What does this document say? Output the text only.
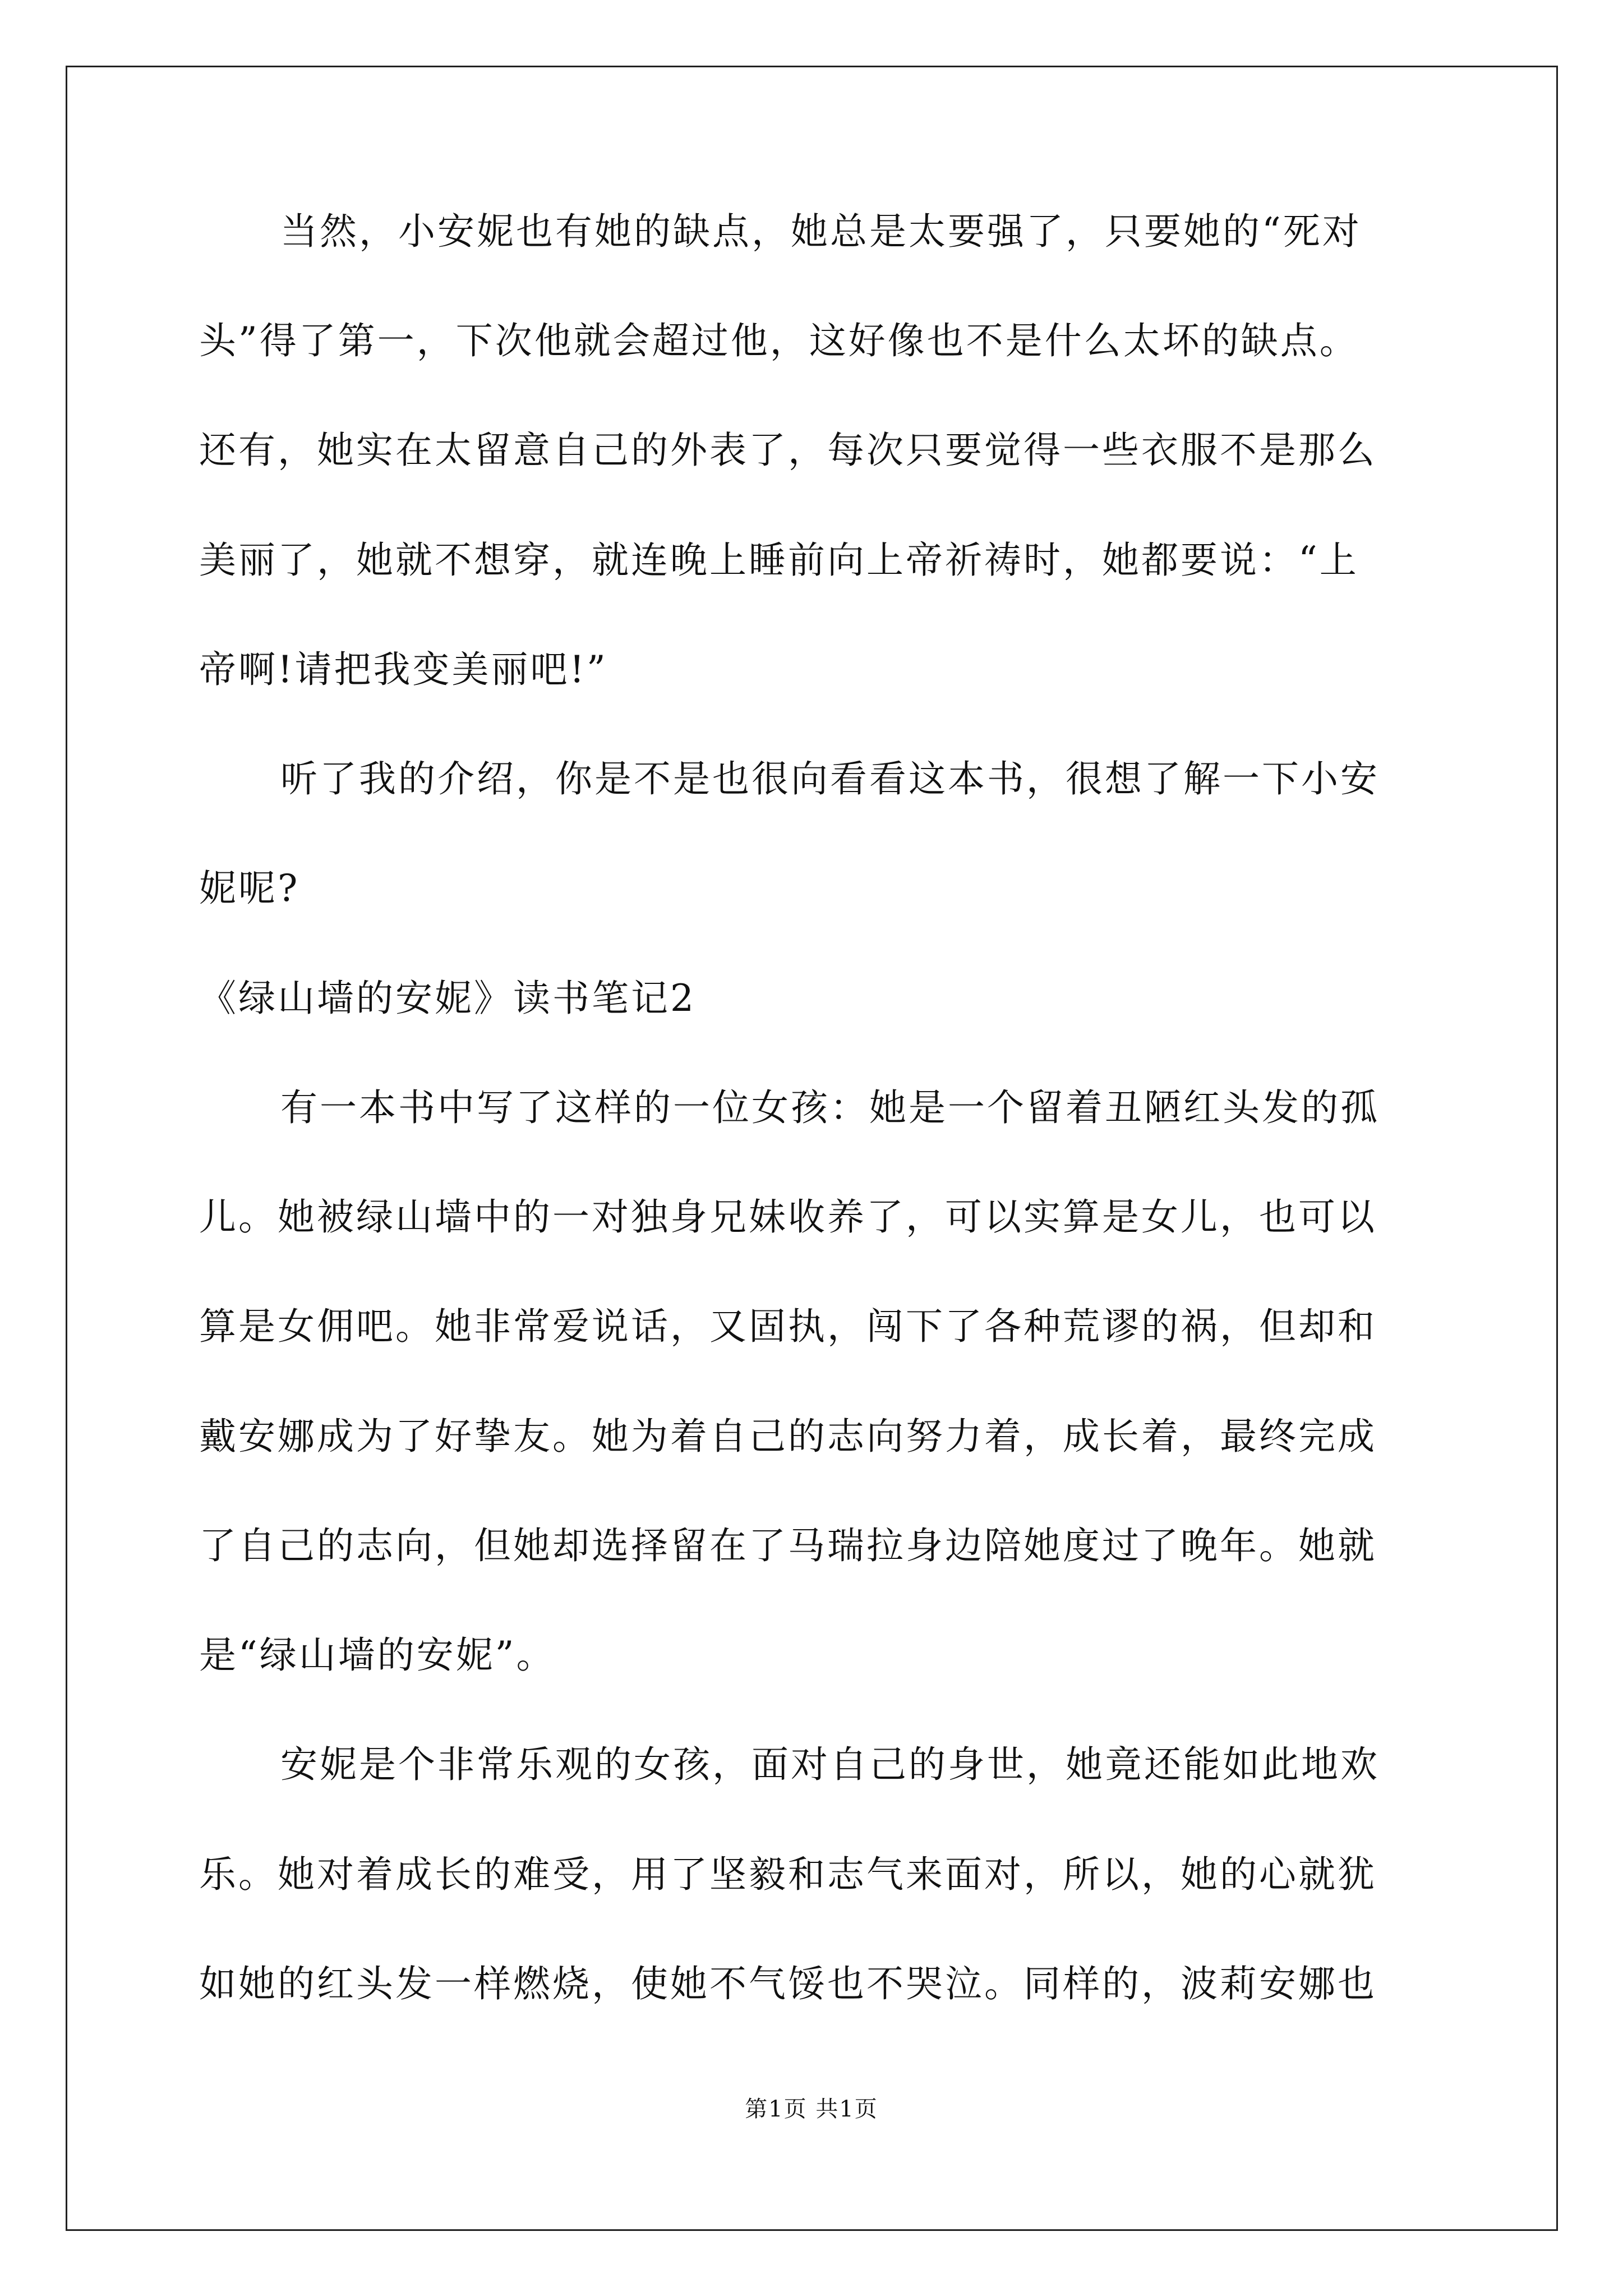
当然，小安妮也有她的缺点，她总是太要强了，只要她的“死对
头”得了第一，下次他就会超过他，这好像也不是什么太坏的缺点。
还有，她实在太留意自己的外表了，每次只要觉得一些衣服不是那么
美丽了，她就不想穿，就连晚上睡前向上帝祈祷时，她都要说：“上
帝啊!请把我变美丽吧!”
听了我的介绍，你是不是也很向看看这本书，很想了解一下小安
妮呢?
《绿山墙的安妮》读书笔记2
有一本书中写了这样的一位女孩：她是一个留着丑陋红头发的孤
儿。她被绿山墙中的一对独身兄妹收养了，可以实算是女儿，也可以
算是女佣吧。她非常爱说话，又固执，闯下了各种荒谬的祸，但却和
戴安娜成为了好挚友。她为着自己的志向努力着，成长着，最终完成
了自己的志向，但她却选择留在了马瑞拉身边陪她度过了晚年。她就
是“绿山墙的安妮”。
安妮是个非常乐观的女孩，面对自己的身世，她竟还能如此地欢
乐。她对着成长的难受，用了坚毅和志气来面对，所以，她的心就犹
如她的红头发一样燃烧，使她不气馁也不哭泣。同样的，波莉安娜也
第1页 共1页
